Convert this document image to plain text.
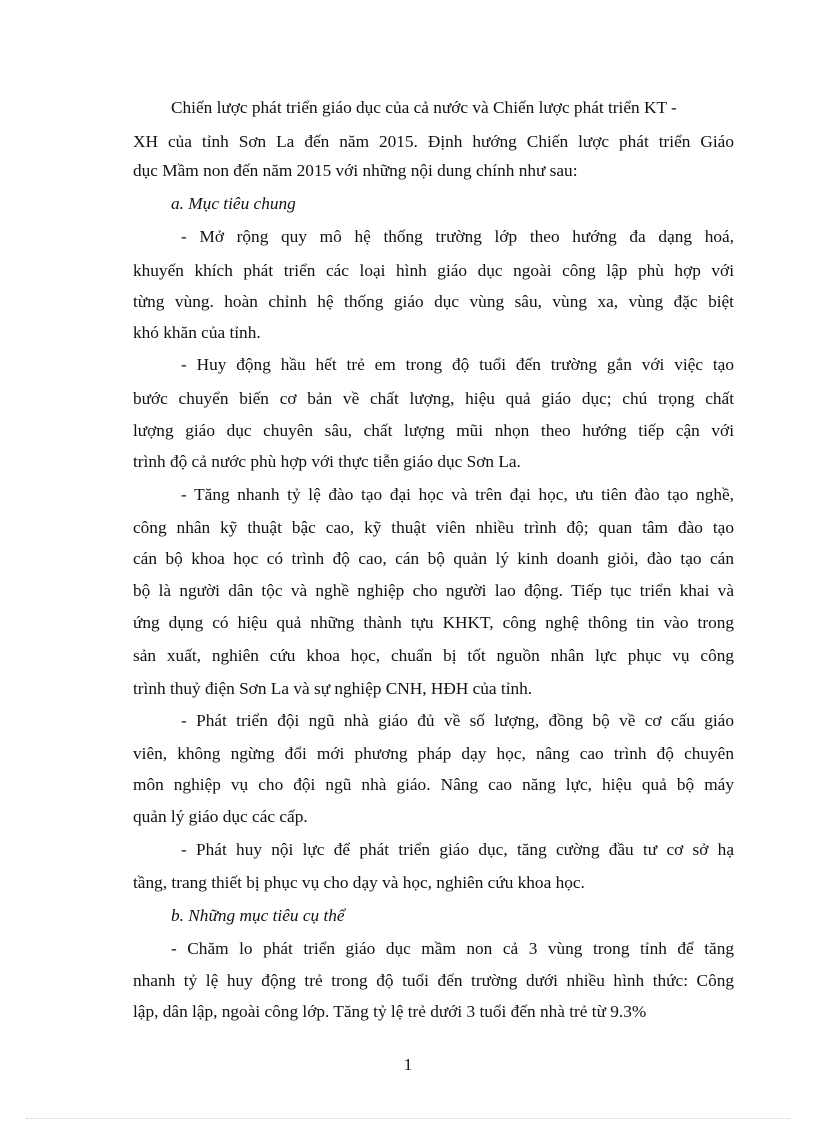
Chiến lược phát triển giáo dục của cả nước và Chiến lược phát triển KT -
XH của tỉnh Sơn La đến năm 2015. Định hướng Chiến lược phát triển Giáo
dục Mầm non đến năm 2015 với những nội dung chính như sau:
a. Mục tiêu chung
- Mở rộng quy mô hệ thống trường lớp theo hướng đa dạng hoá,
khuyến khích phát triển các loại hình giáo dục ngoài công lập phù hợp với
từng vùng. hoàn chỉnh hệ thống giáo dục vùng sâu, vùng xa, vùng đặc biệt
khó khăn của tỉnh.
- Huy động hầu hết trẻ em trong độ tuổi đến trường gắn với việc tạo
bước chuyển biến cơ bản về chất lượng, hiệu quả giáo dục; chú trọng chất
lượng giáo dục chuyên sâu, chất lượng mũi nhọn theo hướng tiếp cận với
trình độ cả nước phù hợp với thực tiễn giáo dục Sơn La.
- Tăng nhanh tỷ lệ đào tạo đại học và trên đại học, ưu tiên đào tạo nghề,
công nhân kỹ thuật bậc cao, kỹ thuật viên nhiều trình độ; quan tâm đào tạo
cán bộ khoa học có trình độ cao, cán bộ quản lý kinh doanh giỏi, đào tạo cán
bộ là người dân tộc và nghề nghiệp cho người lao động. Tiếp tục triển khai và
ứng dụng có hiệu quả những thành tựu KHKT, công nghệ thông tin vào trong
sản xuất, nghiên cứu khoa học, chuẩn bị tốt nguồn nhân lực phục vụ công
trình thuỷ điện Sơn La và sự nghiệp CNH, HĐH của tỉnh.
- Phát triển đội ngũ nhà giáo đủ về số lượng, đồng bộ về cơ cấu giáo
viên, không ngừng đổi mới phương pháp dạy học, nâng cao trình độ chuyên
môn nghiệp vụ cho đội ngũ nhà giáo. Nâng cao năng lực, hiệu quả bộ máy
quản lý giáo dục các cấp.
- Phát huy nội lực để phát triển giáo dục, tăng cường đầu tư cơ sở hạ
tầng, trang thiết bị phục vụ cho dạy và học, nghiên cứu khoa học.
b. Những mục tiêu cụ thể
- Chăm lo phát triển giáo dục mầm non cả 3 vùng trong tỉnh để tăng
nhanh tỷ lệ huy động trẻ trong độ tuổi đến trường dưới nhiều hình thức: Công
lập, dân lập, ngoài công lớp. Tăng tỷ lệ trẻ dưới 3 tuổi đến nhà trẻ từ 9.3%
1
